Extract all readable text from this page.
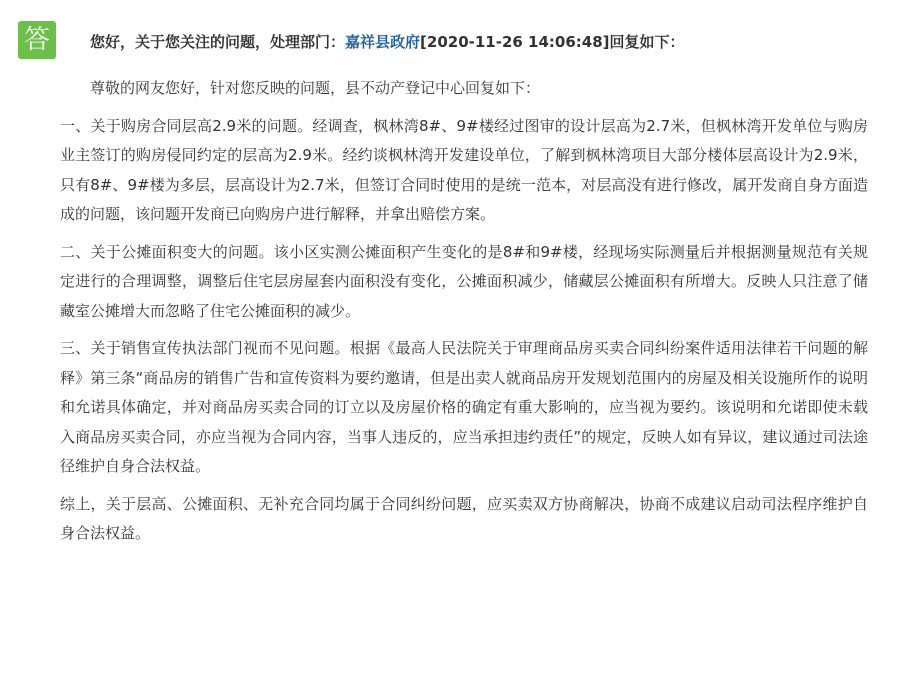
答	您好，关于您关注的问题，处理部门：嘉祥县政府[2020-11-26 14:06:48]回复如下：

尊敬的网友您好，针对您反映的问题，县不动产登记中心回复如下：

一、关于购房合同层高2.9米的问题。经调查，枫林湾8#、9#楼经过图审的设计层高为2.7米，但枫林湾开发单位与购房业主签订的购房侵同约定的层高为2.9米。经约谈枫林湾开发建设单位，了解到枫林湾项目大部分楼体层高设计为2.9米，只有8#、9#楼为多层，层高设计为2.7米，但签订合同时使用的是统一范本，对层高没有进行修改，属开发商自身方面造成的问题，该问题开发商已向购房户进行解释，并拿出赔偿方案。

二、关于公摊面积变大的问题。该小区实测公摊面积产生变化的是8#和9#楼，经现场实际测量后并根据测量规范有关规定进行的合理调整，调整后住宅层房屋套内面积没有变化，公摊面积减少，储藏层公摊面积有所增大。反映人只注意了储藏室公摊增大而忽略了住宅公摊面积的减少。

三、关于销售宣传执法部门视而不见问题。根据《最高人民法院关于审理商品房买卖合同纠纷案件适用法律若干问题的解释》第三条“商品房的销售广告和宣传资料为要约邀请，但是出卖人就商品房开发规划范围内的房屋及相关设施所作的说明和允诺具体确定，并对商品房买卖合同的订立以及房屋价格的确定有重大影响的，应当视为要约。该说明和允诺即使未载入商品房买卖合同，亦应当视为合同内容，当事人违反的，应当承担违约责任”的规定，反映人如有异议，建议通过司法途径维护自身合法权益。

综上，关于层高、公摊面积、无补充合同均属于合同纠纷问题，应买卖双方协商解决，协商不成建议启动司法程序维护自身合法权益。
